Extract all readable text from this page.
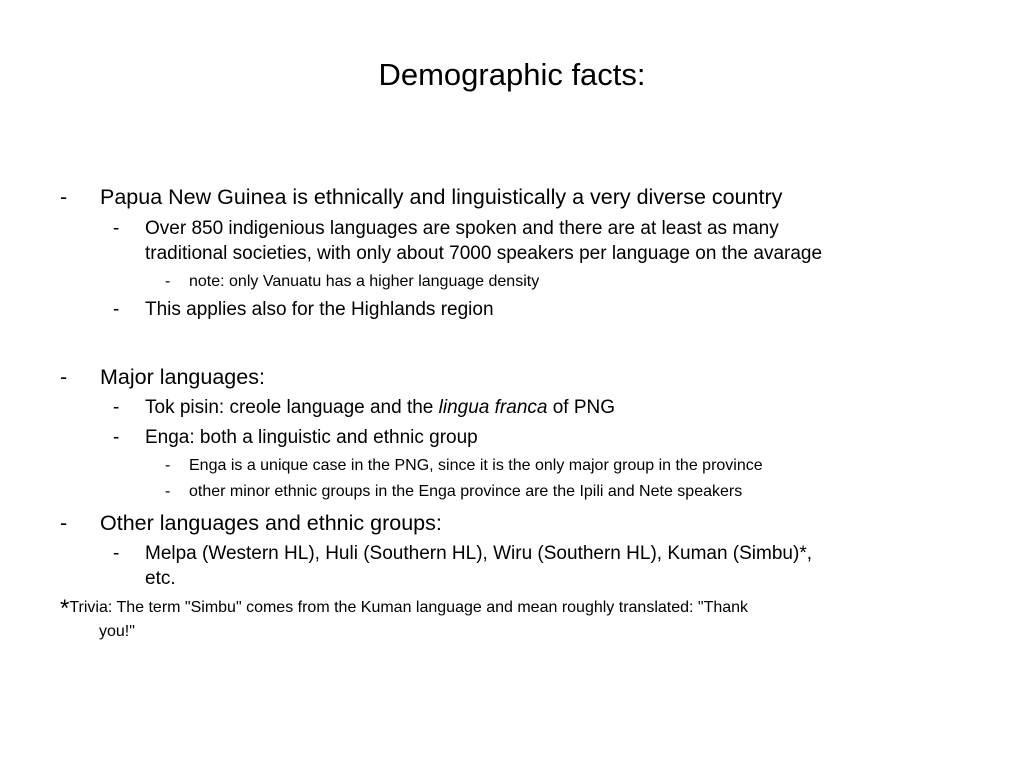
Demographic facts:
- Papua New Guinea is ethnically and linguistically a very diverse country
- Over 850 indigenious languages are spoken and there are at least as many
traditional societies, with only about 7000 speakers per language on the avarage
- note: only Vanuatu has a higher language density
- This applies also for the Highlands region
- Major languages:
- Tok pisin: creole language and the lingua franca of PNG
- Enga: both a linguistic and ethnic group
- Enga is a unique case in the PNG, since it is the only major group in the province
- other minor ethnic groups in the Enga province are the Ipili and Nete speakers
- Other languages and ethnic groups:
- Melpa (Western HL), Huli (Southern HL), Wiru (Southern HL), Kuman (Simbu)*,
etc.
*Trivia: The term "Simbu" comes from the Kuman language and mean roughly translated: "Thank
you!"
